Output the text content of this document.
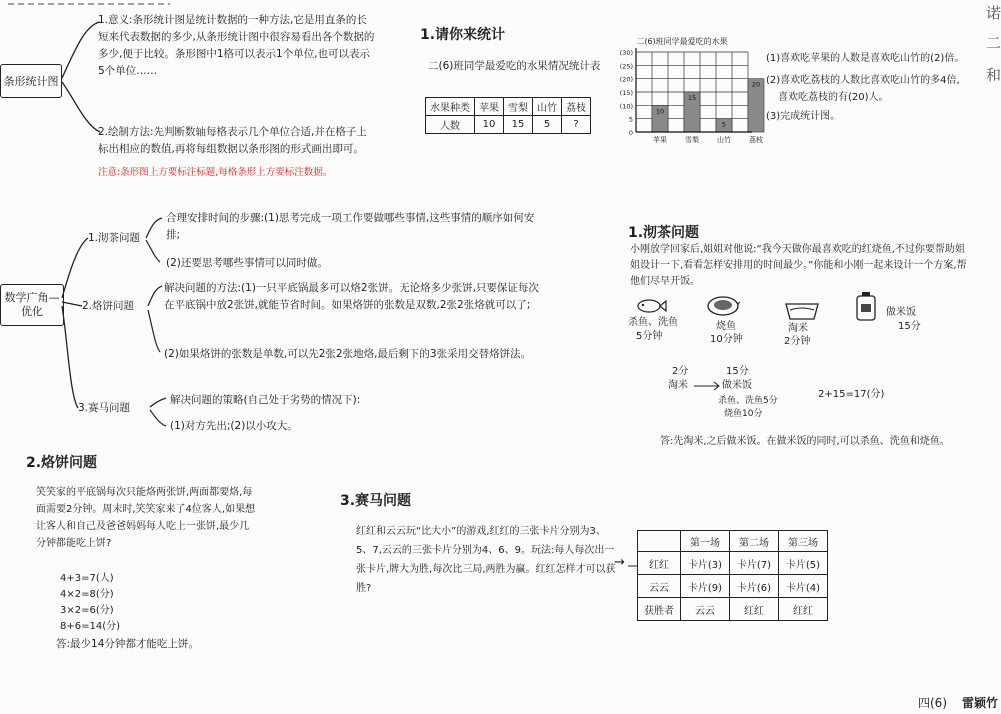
条形统计图
1.意义:条形统计图是统计数据的一种方法,它是用直条的长短来代表数据的多少,从条形统计图中很容易看出各个数据的多少,便于比较。条形图中1格可以表示1个单位,也可以表示5个单位……
2.绘制方法:先判断数轴每格表示几个单位合适,并在格子上标出相应的数值,再将每组数据以条形图的形式画出即可。
注意:条形图上方要标注标题,每格条形上方要标注数据。
1.请你来统计
二(6)班同学最爱吃的水果情况统计表
水果种类	苹果	雪梨	山竹	荔枝
人数	10	15	5	?
二(6)班同学最爱吃的水果
0
5
(10)
(15)
(20)
(25)
(30)
10
苹果
15
雪梨
5
山竹
20
荔枝
(1)喜欢吃苹果的人数是喜欢吃山竹的(2)倍。
(2)喜欢吃荔枝的人数比喜欢吃山竹的多4倍,
喜欢吃荔枝的有(20)人。
(3)完成统计图。
诺
二
和
数学广角—优化
1.沏茶问题
合理安排时间的步骤:(1)思考完成一项工作要做哪些事情,这些事情的顺序如何安排;
(2)还要思考哪些事情可以同时做。
2.烙饼问题
解决问题的方法:(1)一只平底锅最多可以烙2张饼。无论烙多少张饼,只要保证每次在平底锅中放2张饼,就能节省时间。如果烙饼的张数是双数,2张2张烙就可以了;
(2)如果烙饼的张数是单数,可以先2张2张地烙,最后剩下的3张采用交替烙饼法。
3.赛马问题
解决问题的策略(自己处于劣势的情况下):
(1)对方先出;(2)以小攻大。
1.沏茶问题
小刚放学回家后,姐姐对他说:“我今天做你最喜欢吃的红烧鱼,不过你要帮助姐姐设计一下,看看怎样安排用的时间最少。”你能和小刚一起来设计一个方案,帮他们尽早开饭。
杀鱼、洗鱼
5分钟
烧鱼
10分钟
淘米
2分钟
做米饭
15分
2分	15分
淘米	做米饭
杀鱼、洗鱼5分
烧鱼10分
2+15=17(分)
答:先淘米,之后做米饭。在做米饭的同时,可以杀鱼、洗鱼和烧鱼。
2.烙饼问题
笑笑家的平底锅每次只能烙两张饼,两面都要烙,每面需要2分钟。周末时,笑笑家来了4位客人,如果想让客人和自己及爸爸妈妈每人吃上一张饼,最少几分钟都能吃上饼?
4+3=7(人)
4×2=8(分)
3×2=6(分)
8+6=14(分)
答:最少14分钟都才能吃上饼。
3.赛马问题
红红和云云玩“比大小”的游戏,红红的三张卡片分别为3、5、7,云云的三张卡片分别为4、6、9。玩法:每人每次出一张卡片,牌大为胜,每次比三局,两胜为赢。红红怎样才可以获胜?
→
	第一场	第二场	第三场
红红	卡片(3)	卡片(7)	卡片(5)
云云	卡片(9)	卡片(6)	卡片(4)
获胜者	云云	红红	红红
四(6) 雷颖竹
